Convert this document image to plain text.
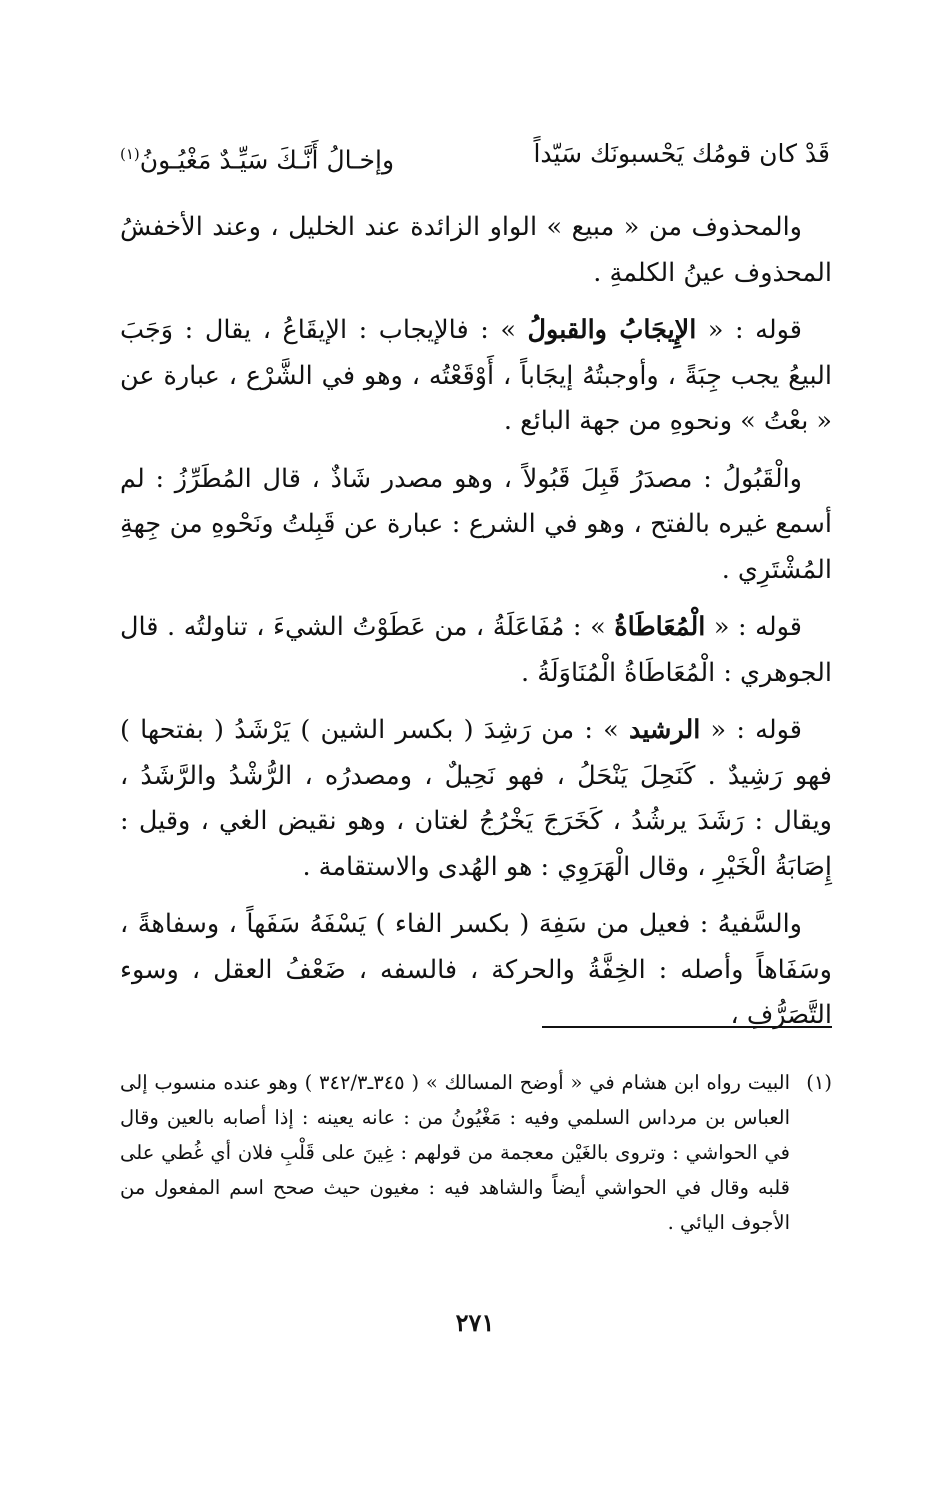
قَدْ كان قومُك يَحْسبونَك سَيّداً
وإخـالُ أَنَّـكَ سَيِّـدٌ مَغْيُـونُ$^{(١)}$

والمحذوف من « مبيع » الواو الزائدة عند الخليل ، وعند الأخفشُ المحذوف عينُ الكلمةِ .

قوله : « الإِيجَابُ والقبولُ » : فالإيجاب : الإيقَاعُ ، يقال : وَجَبَ البيعُ يجب جِبَةً ، وأوجبتُهُ إيجَاباً ، أَوْقَعْتُه ، وهو في الشَّرْع ، عبارة عن « بعْتُ » ونحوهِ من جهة البائع .

والْقَبُولُ : مصدَرُ قَبِلَ قَبُولاً ، وهو مصدر شَاذٌ ، قال المُطَرِّزُ : لم أسمع غيره بالفتح ، وهو في الشرع : عبارة عن قَبِلتُ ونَحْوهِ من جِهةِ المُشْتَرِي .

قوله : « الْمُعَاطَاةُ » : مُفَاعَلَةُ ، من عَطَوْتُ الشيءَ ، تناولتُه . قال الجوهري : الْمُعَاطَاةُ الْمُنَاوَلَةُ .

قوله : « الرشيد » : من رَشِدَ ( بكسر الشين ) يَرْشَدُ ( بفتحها ) فهو رَشِيدٌ . كَنَحِلَ يَنْحَلُ ، فهو نَحِيلٌ ، ومصدرُه ، الرُّشْدُ والرَّشَدُ ، ويقال : رَشَدَ يرشُدُ ، كَخَرَجَ يَخْرُجُ لغتان ، وهو نقيض الغي ، وقيل : إِصَابَةُ الْخَيْرِ ، وقال الْهَرَوِي : هو الهُدى والاستقامة .

والسَّفيهُ : فعيل من سَفِهَ ( بكسر الفاء ) يَسْفَهُ سَفَهاً ، وسفاهةً ، وسَفَاهاً وأصله : الخِفَّةُ والحركة ، فالسفه ، ضَعْفُ العقل ، وسوء التَّصَرُّفِ ،

(١)
البيت رواه ابن هشام في « أوضح المسالك » ( ٣٤٥ـ٣٤٢/٣ ) وهو عنده منسوب إلى العباس بن مرداس السلمي وفيه : مَغْيُونُ من : عانه يعينه : إذا أصابه بالعين وقال في الحواشي : وتروى بالغَيْن معجمة من قولهم : غِينَ على قَلْبِ فلان أي غُطي على قلبه وقال في الحواشي أيضاً والشاهد فيه : مغيون حيث صحح اسم المفعول من الأجوف اليائي .
٢٧١
